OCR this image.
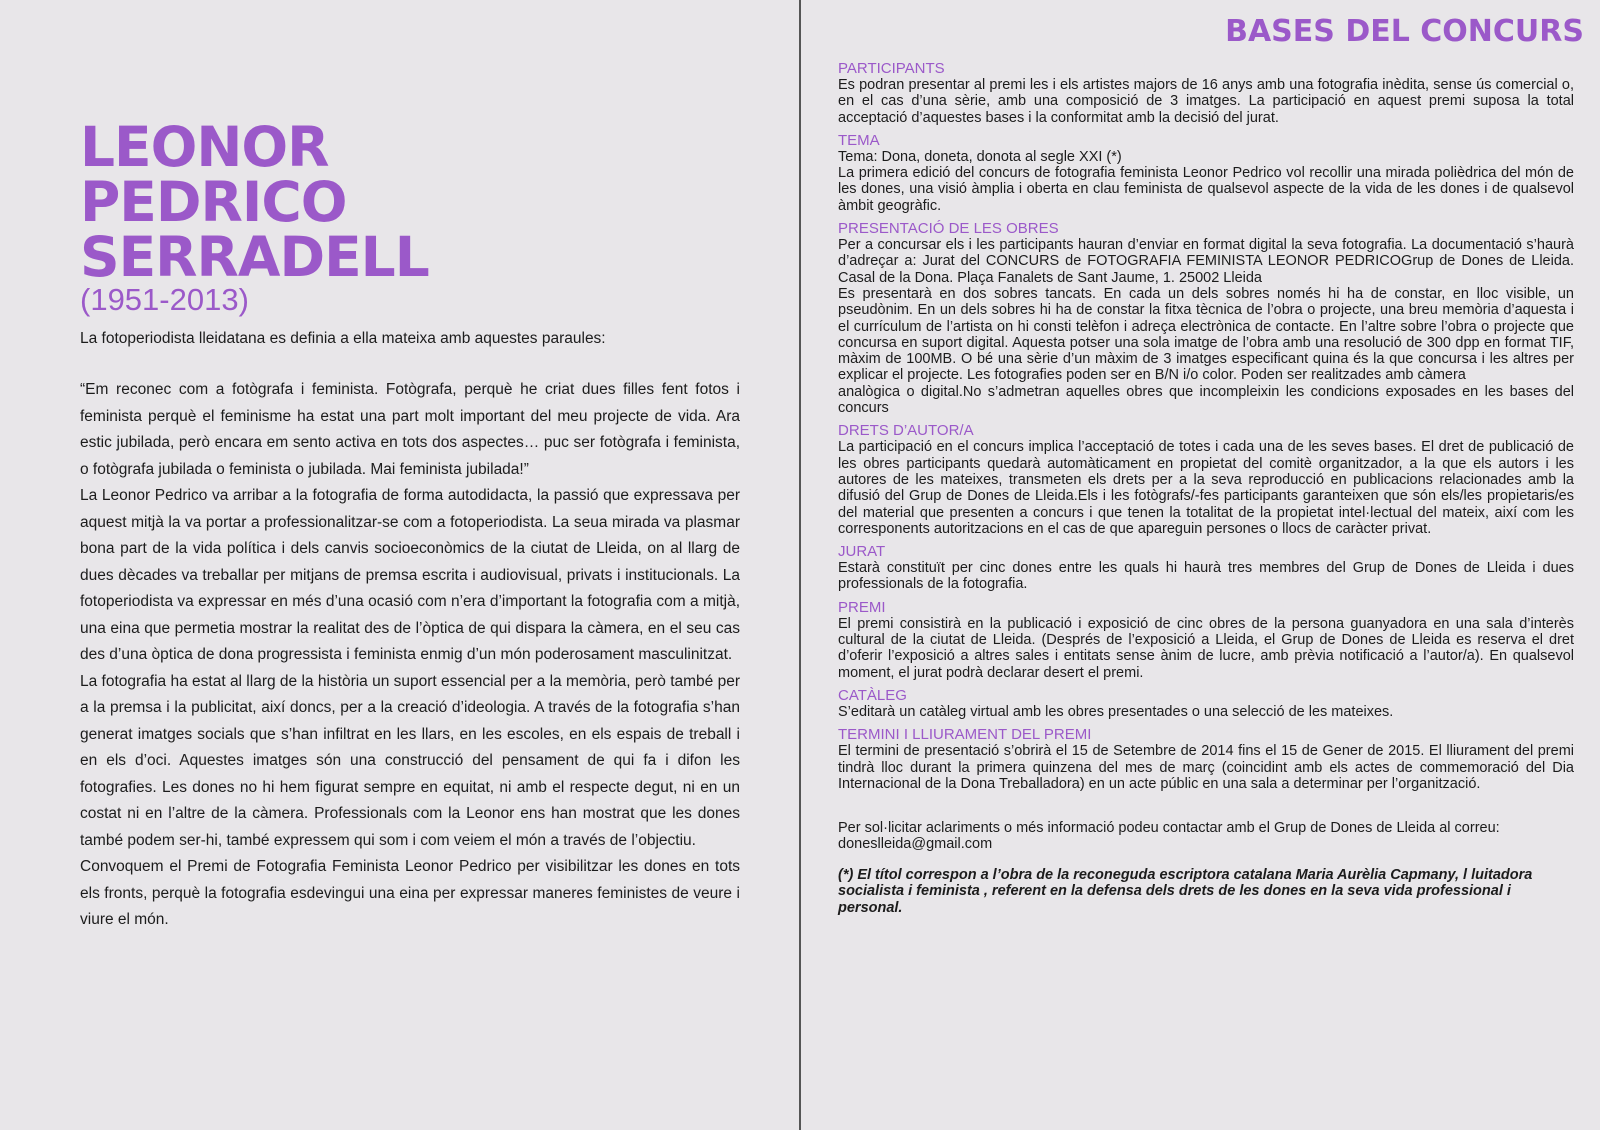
LEONOR
PEDRICO
SERRADELL

(1951-2013)

La fotoperiodista lleidatana es definia a ella mateixa amb aquestes paraules:

“Em reconec com a fotògrafa i feminista. Fotògrafa, perquè he criat dues filles fent fotos i feminista perquè el feminisme ha estat una part molt important del meu projecte de vida. Ara estic jubilada, però encara em sento activa en tots dos aspectes… puc ser fotògrafa i feminista, o fotògrafa jubilada o feminista o jubilada. Mai feminista jubilada!”

La Leonor Pedrico va arribar a la fotografia de forma autodidacta, la passió que expressava per aquest mitjà la va portar a professionalitzar-se com a fotoperiodista. La seua mirada va plasmar bona part de la vida política i dels canvis socioeconòmics de la ciutat de Lleida, on al llarg de dues dècades va treballar per mitjans de premsa escrita i audiovisual, privats i institucionals. La fotoperiodista va expressar en més d’una ocasió com n’era d’important la fotografia com a mitjà, una eina que permetia mostrar la realitat des de l’òptica de qui dispara la càmera, en el seu cas des d’una òptica de dona progressista i feminista enmig d’un món poderosament masculinitzat.

La fotografia ha estat al llarg de la història un suport essencial per a la memòria, però també per a la premsa i la publicitat, així doncs, per a la creació d’ideologia. A través de la fotografia s’han generat imatges socials que s’han infiltrat en les llars, en les escoles, en els espais de treball i en els d’oci. Aquestes imatges són una construcció del pensament de qui fa i difon les fotografies. Les dones no hi hem figurat sempre en equitat, ni amb el respecte degut, ni en un costat ni en l’altre de la càmera. Professionals com la Leonor ens han mostrat que les dones també podem ser-hi, també expressem qui som i com veiem el món a través de l’objectiu.

Convoquem el Premi de Fotografia Feminista Leonor Pedrico per visibilitzar les dones en tots els fronts, perquè la fotografia esdevingui una eina per expressar maneres feministes de veure i viure el món.

BASES DEL CONCURS

PARTICIPANTS

Es podran presentar al premi les i els artistes majors de 16 anys amb una fotografia inèdita, sense ús comercial o, en el cas d’una sèrie, amb una composició de 3 imatges. La participació en aquest premi suposa la total acceptació d’aquestes bases i la conformitat amb la decisió del jurat.

TEMA

Tema: Dona, doneta, donota al segle XXI (*)

La primera edició del concurs de fotografia feminista Leonor Pedrico vol recollir una mirada polièdrica del món de les dones, una visió àmplia i oberta en clau feminista de qualsevol aspecte de la vida de les dones i de qualsevol àmbit geogràfic.

PRESENTACIÓ DE LES OBRES

Per a concursar els i les participants hauran d’enviar en format digital la seva fotografia. La documentació s’haurà d’adreçar a: Jurat del CONCURS de FOTOGRAFIA FEMINISTA LEONOR PEDRICOGrup de Dones de Lleida. Casal de la Dona. Plaça Fanalets de Sant Jaume, 1. 25002 Lleida

Es presentarà en dos sobres tancats. En cada un dels sobres només hi ha de constar, en lloc visible, un pseudònim. En un dels sobres hi ha de constar la fitxa tècnica de l’obra o projecte, una breu memòria d’aquesta i el currículum de l’artista on hi consti telèfon i adreça electrònica de contacte. En l’altre sobre l’obra o projecte que concursa en suport digital. Aquesta potser una sola imatge de l’obra amb una resolució de 300 dpp en format TIF, màxim de 100MB. O bé una sèrie d’un màxim de 3 imatges especificant quina és la que concursa i les altres per explicar el projecte. Les fotografies poden ser en B/N i/o color. Poden ser realitzades amb càmera

analògica o digital.No s’admetran aquelles obres que incompleixin les condicions exposades en les bases del concurs

DRETS D’AUTOR/A

La participació en el concurs implica l’acceptació de totes i cada una de les seves bases. El dret de publicació de les obres participants quedarà automàticament en propietat del comitè organitzador, a la que els autors i les autores de les mateixes, transmeten els drets per a la seva reproducció en publicacions relacionades amb la difusió del Grup de Dones de Lleida.Els i les fotògrafs/-fes participants garanteixen que són els/les propietaris/es del material que presenten a concurs i que tenen la totalitat de la propietat intel·lectual del mateix, així com les corresponents autoritzacions en el cas de que apareguin persones o llocs de caràcter privat.

JURAT

Estarà constituït per cinc dones entre les quals hi haurà tres membres del Grup de Dones de Lleida i dues professionals de la fotografia.

PREMI

El premi consistirà en la publicació i exposició de cinc obres de la persona guanyadora en una sala d’interès cultural de la ciutat de Lleida. (Després de l’exposició a Lleida, el Grup de Dones de Lleida es reserva el dret d’oferir l’exposició a altres sales i entitats sense ànim de lucre, amb prèvia notificació a l’autor/a). En qualsevol moment, el jurat podrà declarar desert el premi.

CATÀLEG

S’editarà un catàleg virtual amb les obres presentades o una selecció de les mateixes.

TERMINI I LLIURAMENT DEL PREMI

El termini de presentació s’obrirà el 15 de Setembre de 2014 fins el 15 de Gener de 2015. El lliurament del premi tindrà lloc durant la primera quinzena del mes de març (coincidint amb els actes de commemoració del Dia Internacional de la Dona Treballadora) en un acte públic en una sala a determinar per l’organització.

Per sol·licitar aclariments o més informació podeu contactar amb el Grup de Dones de Lleida al correu: doneslleida@gmail.com

(*) El títol correspon a l’obra de la reconeguda escriptora catalana Maria Aurèlia Capmany, l luitadora socialista i feminista , referent en la defensa dels drets de les dones en la seva vida professional i personal.
